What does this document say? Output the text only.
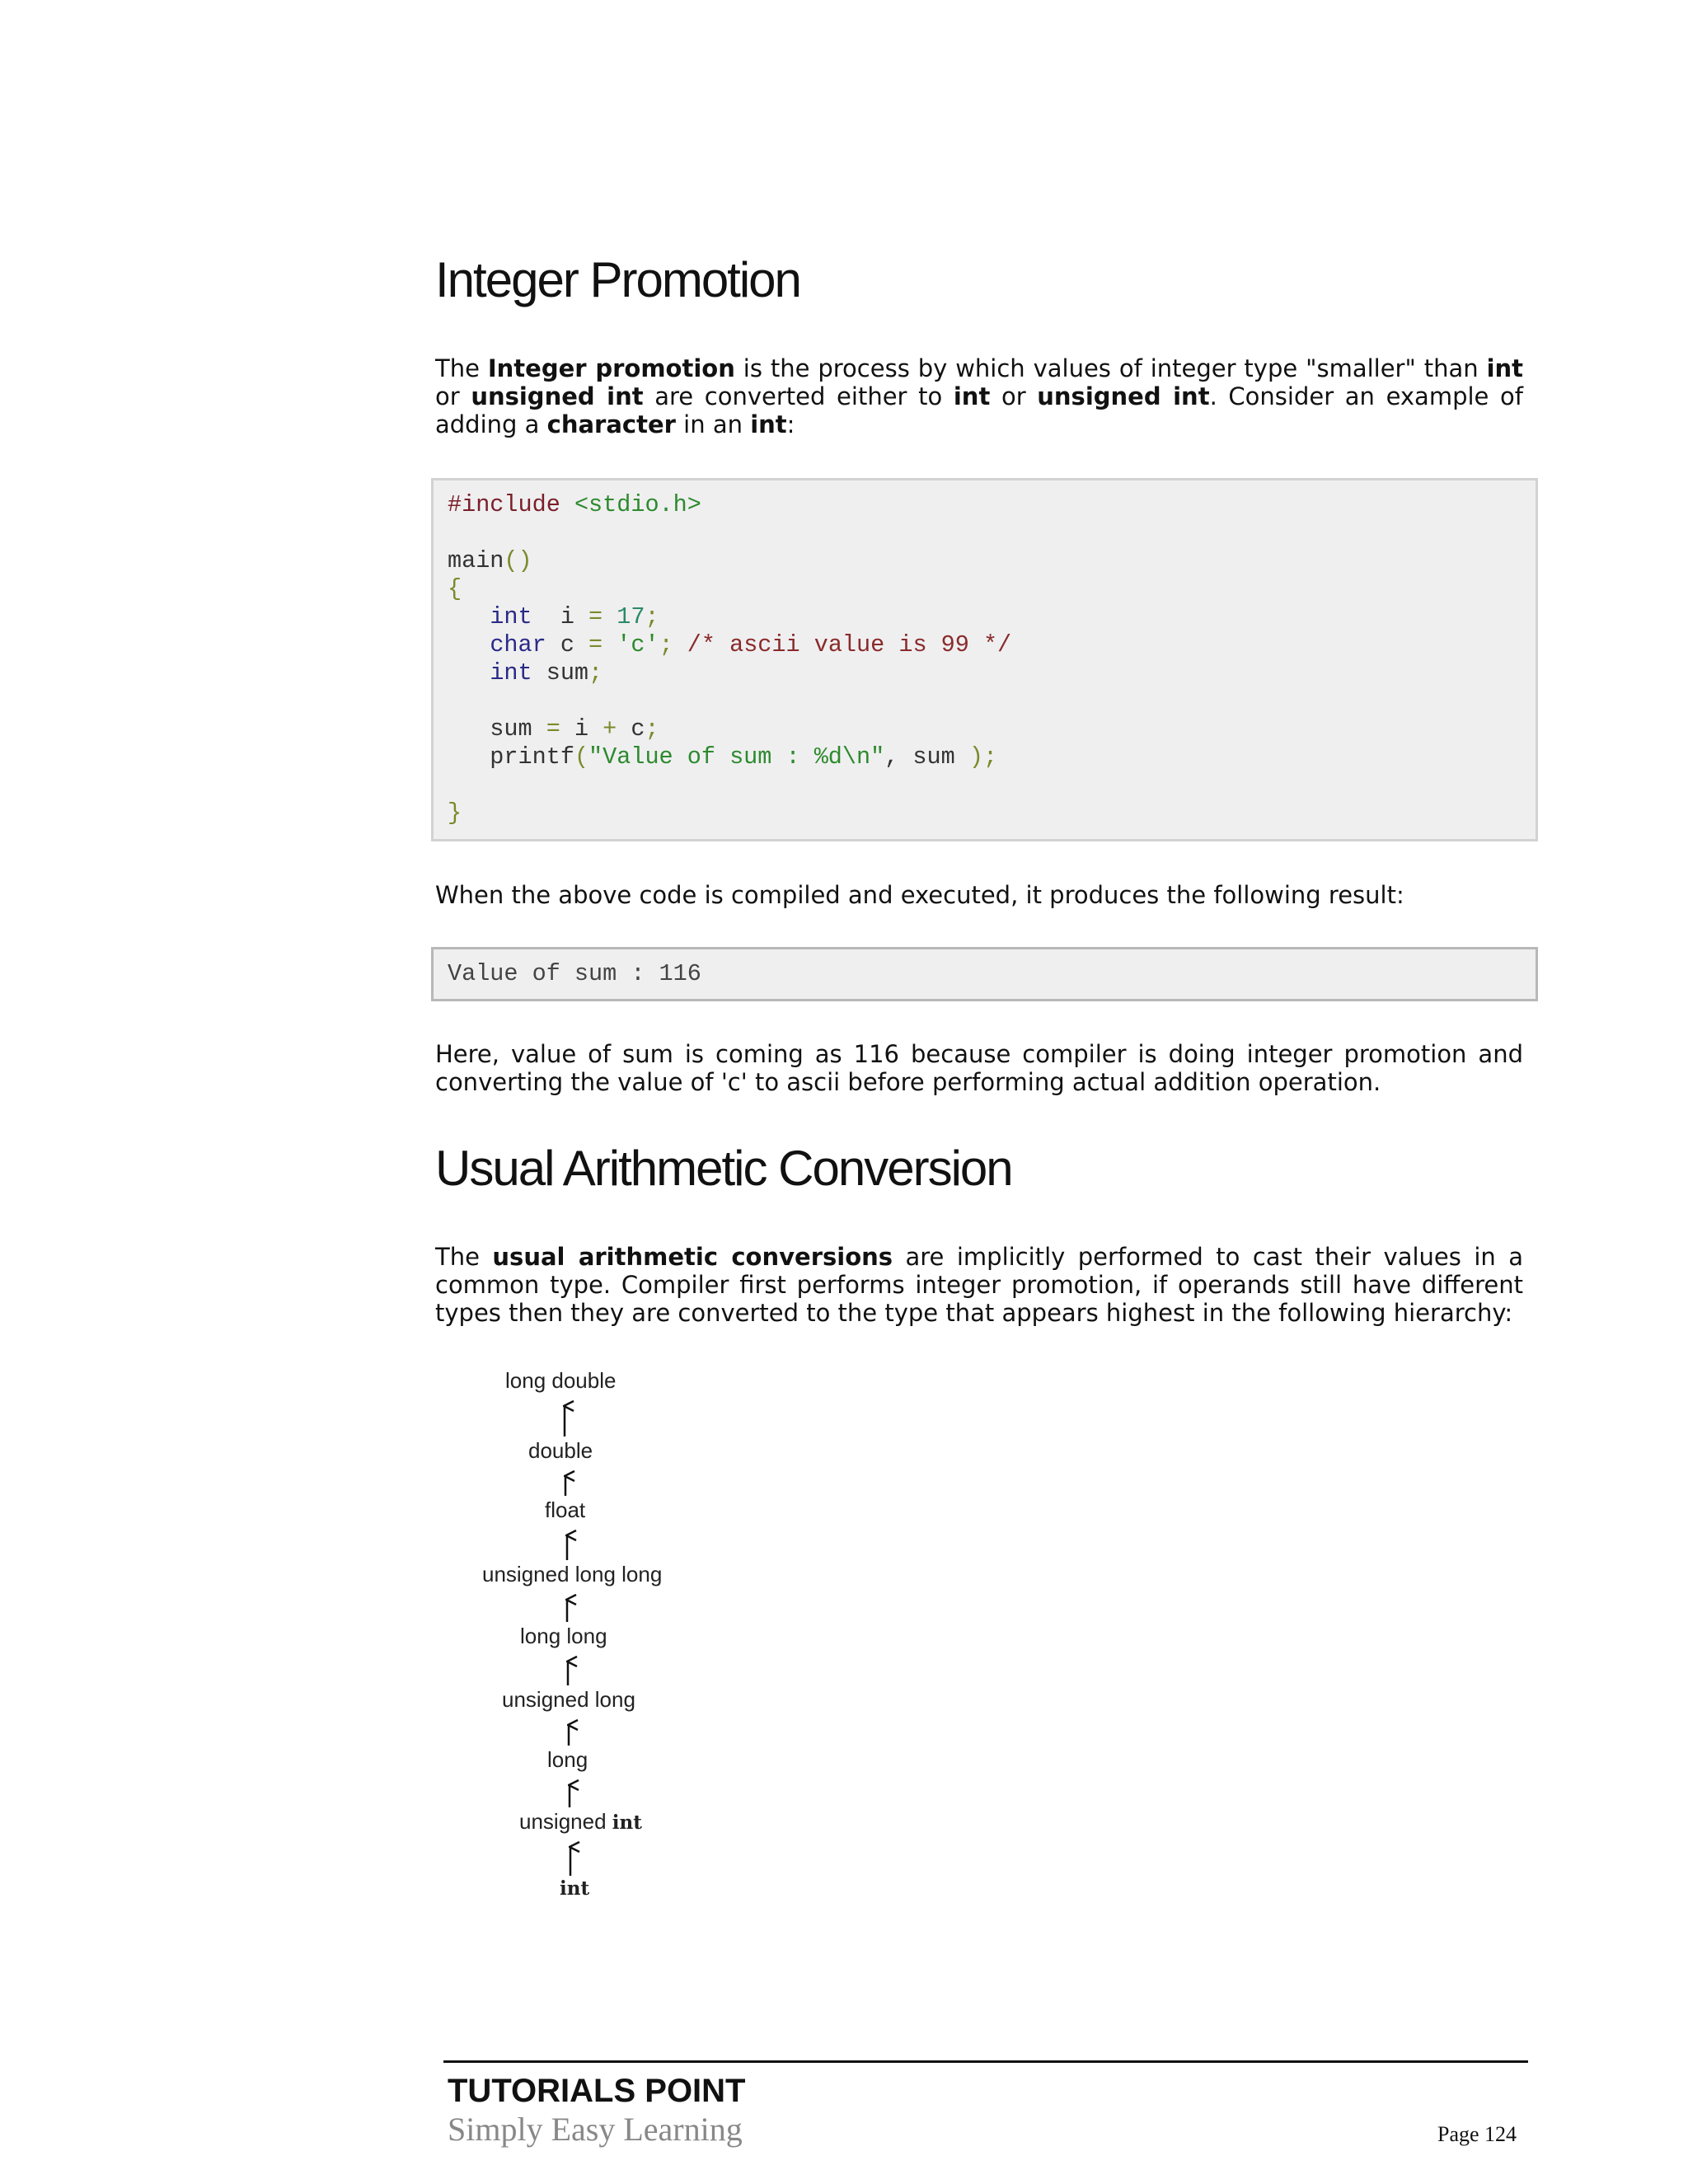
Integer Promotion
The Integer promotion is the process by which values of integer type "smaller" than int or unsigned int are converted either to int or unsigned int. Consider an example of adding a character in an int:
#include <stdio.h>
main()
{
int  i = 17;
char c = 'c'; /* ascii value is 99 */
int sum;
sum = i + c;
printf("Value of sum : %d\n", sum );
}
When the above code is compiled and executed, it produces the following result:
Value of sum : 116
Here, value of sum is coming as 116 because compiler is doing integer promotion and converting the value of 'c' to ascii before performing actual addition operation.
Usual Arithmetic Conversion
The usual arithmetic conversions are implicitly performed to cast their values in a common type. Compiler first performs integer promotion, if operands still have different types then they are converted to the type that appears highest in the following hierarchy:
long double
double
float
unsigned long long
long long
unsigned long
long
unsigned int
int
TUTORIALS POINT
Simply Easy Learning	Page 124
